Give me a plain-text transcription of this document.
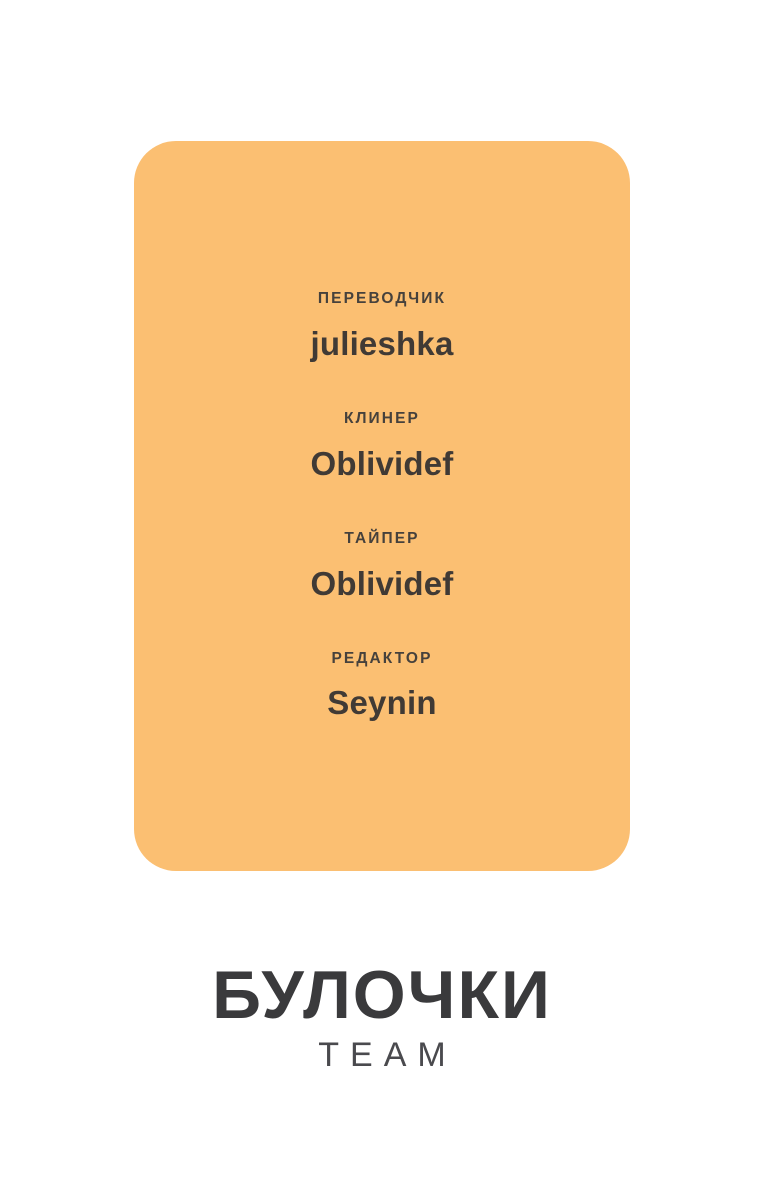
ПЕРЕВОДЧИК
julieshka
КЛИНЕР
Oblividef
ТАЙПЕР
Oblividef
РЕДАКТОР
Seynin
БУЛОЧКИ
TEAM
